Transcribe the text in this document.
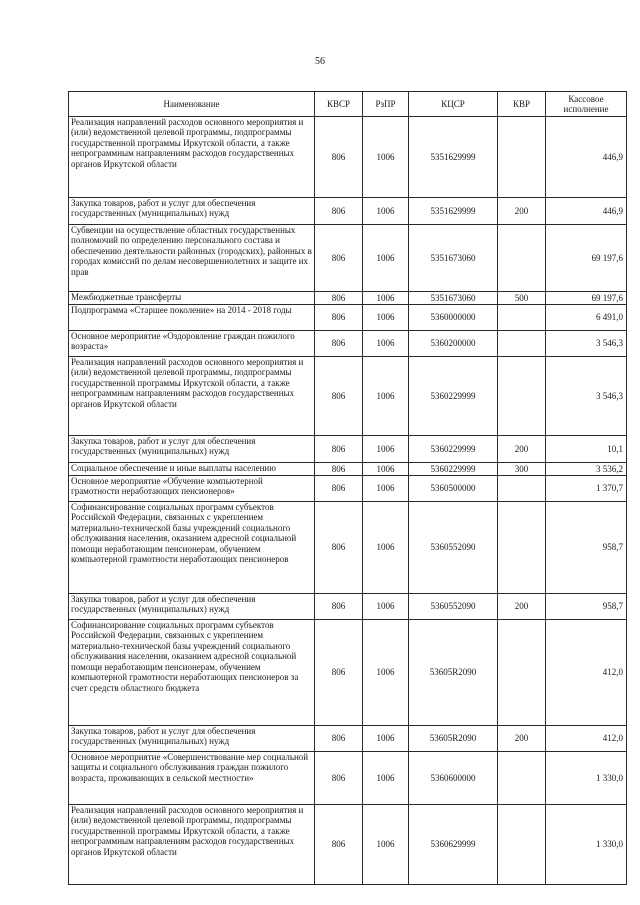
56
Наименование	КВСР	РзПР	КЦСР	КВР	Кассовое исполнение
Реализация направлений расходов основного мероприятия и (или) ведомственной целевой программы, подпрограммы государственной программы Иркутской области, а также непрограммным направлениям расходов государственных органов Иркутской области	806	1006	5351629999		446,9
Закупка товаров, работ и услуг для обеспечения государственных (муниципальных) нужд	806	1006	5351629999	200	446,9
Субвенции на осуществление областных государственных полномочий по определению персонального состава и обеспечению деятельности районных (городских), районных в городах комиссий по делам несовершеннолетних и защите их прав	806	1006	5351673060		69 197,6
Межбюджетные трансферты	806	1006	5351673060	500	69 197,6
Подпрограмма «Старшее поколение» на 2014 - 2018 годы	806	1006	5360000000		6 491,0
Основное мероприятие «Оздоровление граждан пожилого возраста»	806	1006	5360200000		3 546,3
Реализация направлений расходов основного мероприятия и (или) ведомственной целевой программы, подпрограммы государственной программы Иркутской области, а также непрограммным направлениям расходов государственных органов Иркутской области	806	1006	5360229999		3 546,3
Закупка товаров, работ и услуг для обеспечения государственных (муниципальных) нужд	806	1006	5360229999	200	10,1
Социальное обеспечение и иные выплаты населению	806	1006	5360229999	300	3 536,2
Основное мероприятие «Обучение компьютерной грамотности неработающих пенсионеров»	806	1006	5360500000		1 370,7
Софинансирование социальных программ субъектов Российской Федерации, связанных с укреплением материально-технической базы учреждений социального обслуживания населения, оказанием адресной социальной помощи неработающим пенсионерам, обучением компьютерной грамотности неработающих пенсионеров	806	1006	5360552090		958,7
Закупка товаров, работ и услуг для обеспечения государственных (муниципальных) нужд	806	1006	5360552090	200	958,7
Софинансирование социальных программ субъектов Российской Федерации, связанных с укреплением материально-технической базы учреждений социального обслуживания населения, оказанием адресной социальной помощи неработающим пенсионерам, обучением компьютерной грамотности неработающих пенсионеров за счет средств областного бюджета	806	1006	53605R2090		412,0
Закупка товаров, работ и услуг для обеспечения государственных (муниципальных) нужд	806	1006	53605R2090	200	412,0
Основное мероприятие «Совершенствование мер социальной защиты и социального обслуживания граждан пожилого возраста, проживающих в сельской местности»	806	1006	5360600000		1 330,0
Реализация направлений расходов основного мероприятия и (или) ведомственной целевой программы, подпрограммы государственной программы Иркутской области, а также непрограммным направлениям расходов государственных органов Иркутской области	806	1006	5360629999		1 330,0
